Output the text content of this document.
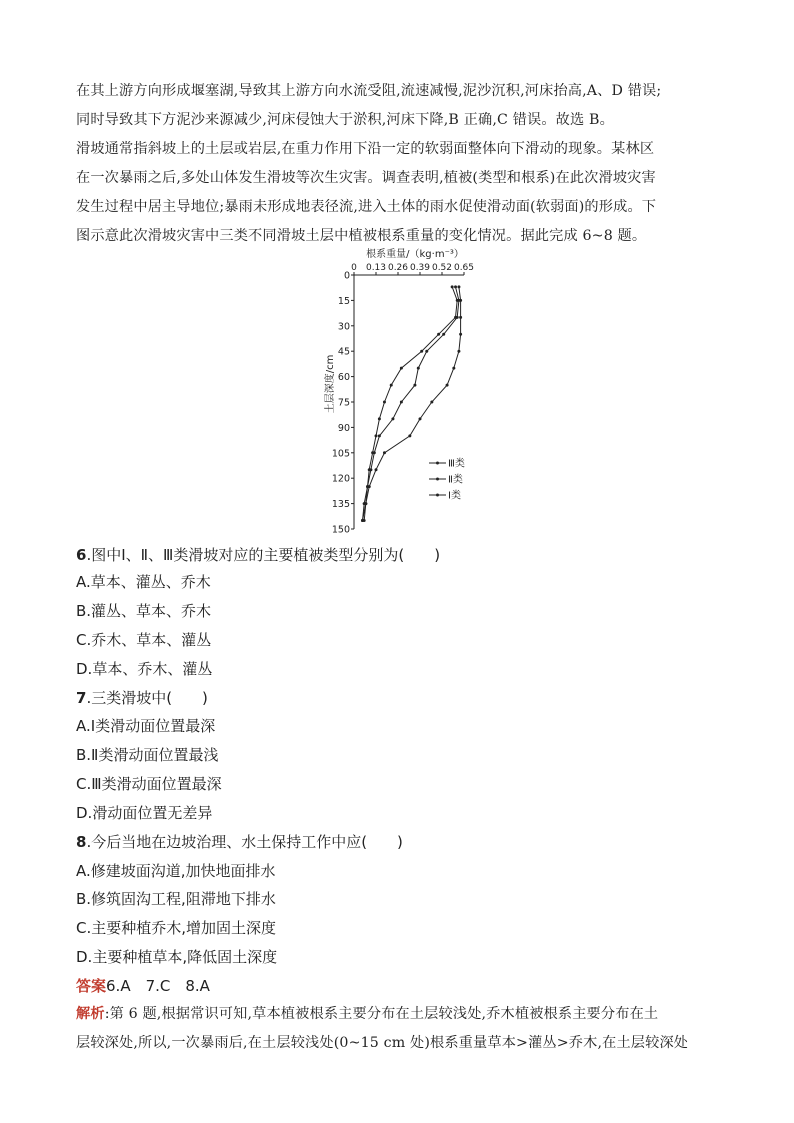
在其上游方向形成堰塞湖,导致其上游方向水流受阻,流速减慢,泥沙沉积,河床抬高,A、D 错误;
同时导致其下方泥沙来源减少,河床侵蚀大于淤积,河床下降,B 正确,C 错误。故选 B。
滑坡通常指斜坡上的土层或岩层,在重力作用下沿一定的软弱面整体向下滑动的现象。某林区
在一次暴雨之后,多处山体发生滑坡等次生灾害。调查表明,植被(类型和根系)在此次滑坡灾害
发生过程中居主导地位;暴雨未形成地表径流,进入土体的雨水促使滑动面(软弱面)的形成。下
图示意此次滑坡灾害中三类不同滑坡土层中植被根系重量的变化情况。据此完成 6~8 题。
根系重量/（kg·m⁻³）
土层深度/cm
0 0.13 0.26 0.39 0.52 0.65
0
15
30
45
60
75
90
105
120
135
150
Ⅲ类
Ⅱ类
Ⅰ类
6.图中Ⅰ、Ⅱ、Ⅲ类滑坡对应的主要植被类型分别为(　　)
A.草本、灌丛、乔木
B.灌丛、草本、乔木
C.乔木、草本、灌丛
D.草本、乔木、灌丛
7.三类滑坡中(　　)
A.Ⅰ类滑动面位置最深
B.Ⅱ类滑动面位置最浅
C.Ⅲ类滑动面位置最深
D.滑动面位置无差异
8.今后当地在边坡治理、水土保持工作中应(　　)
A.修建坡面沟道,加快地面排水
B.修筑固沟工程,阻滞地下排水
C.主要种植乔木,增加固土深度
D.主要种植草本,降低固土深度
答案6.A　7.C　8.A
解析:第 6 题,根据常识可知,草本植被根系主要分布在土层较浅处,乔木植被根系主要分布在土
层较深处,所以,一次暴雨后,在土层较浅处(0~15 cm 处)根系重量草本>灌丛>乔木,在土层较深处
